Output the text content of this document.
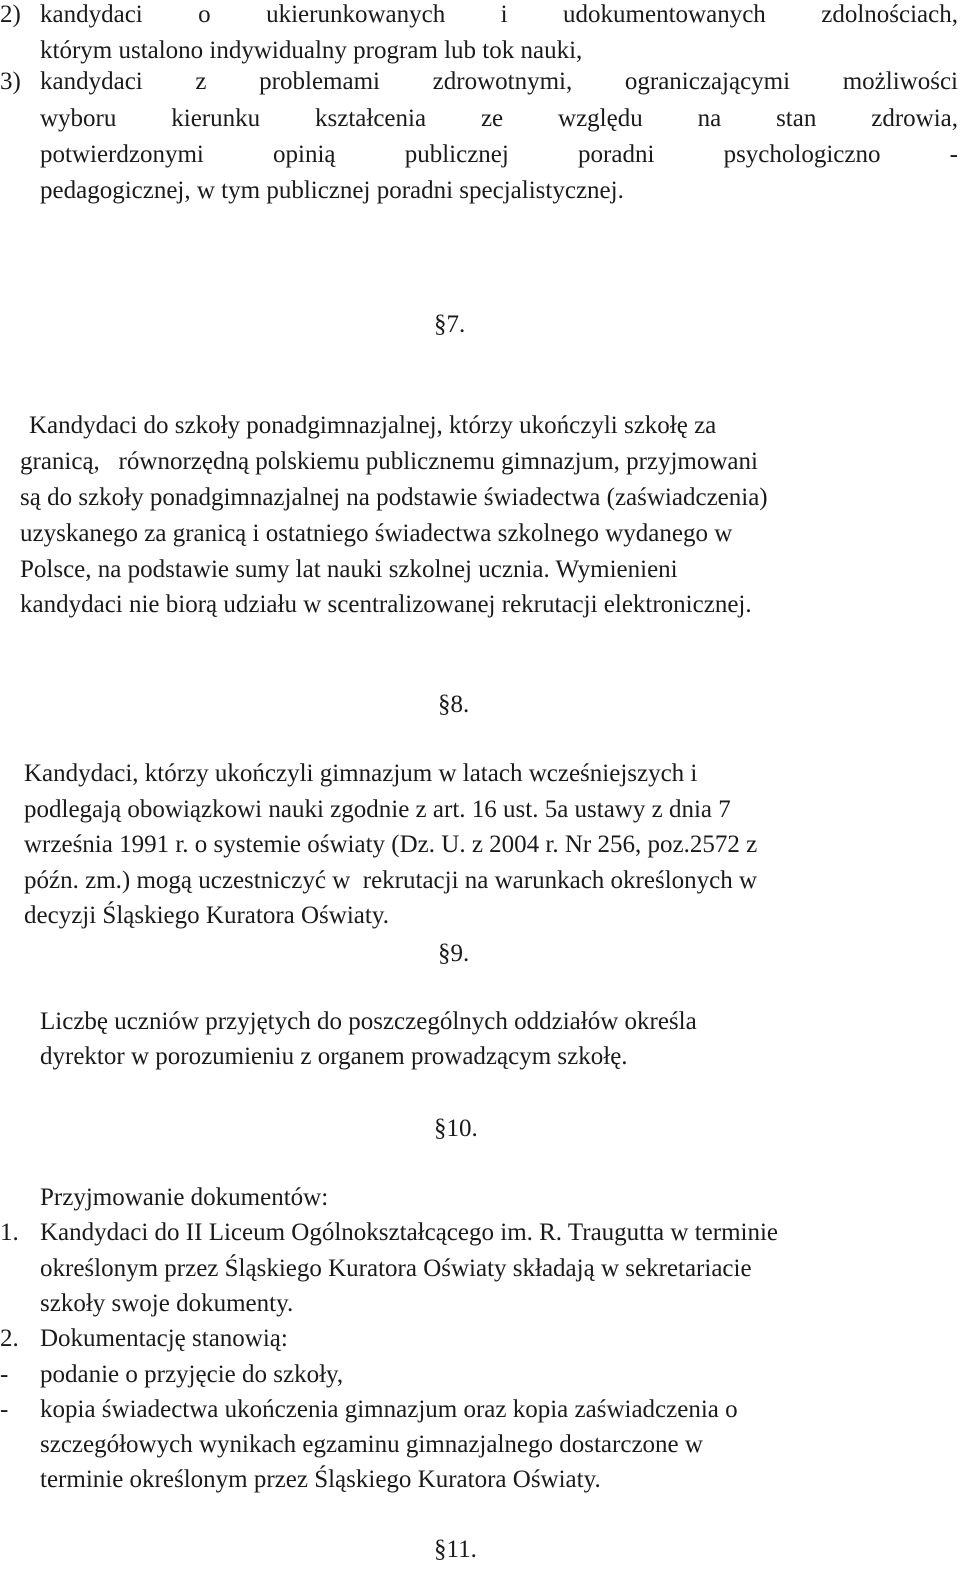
2) kandydaci o ukierunkowanych i udokumentowanych zdolnościach,
którym ustalono indywidualny program lub tok nauki,
3) kandydaci z problemami zdrowotnymi, ograniczającymi możliwości
wyboru kierunku kształcenia ze względu na stan zdrowia,
potwierdzonymi opinią publicznej poradni psychologiczno -
pedagogicznej, w tym publicznej poradni specjalistycznej.
§7.
Kandydaci do szkoły ponadgimnazjalnej, którzy ukończyli szkołę za
granicą,   równorzędną polskiemu publicznemu gimnazjum, przyjmowani
są do szkoły ponadgimnazjalnej na podstawie świadectwa (zaświadczenia)
uzyskanego za granicą i ostatniego świadectwa szkolnego wydanego w
Polsce, na podstawie sumy lat nauki szkolnej ucznia. Wymienieni
kandydaci nie biorą udziału w scentralizowanej rekrutacji elektronicznej.
§8.
Kandydaci, którzy ukończyli gimnazjum w latach wcześniejszych i
podlegają obowiązkowi nauki zgodnie z art. 16 ust. 5a ustawy z dnia 7
września 1991 r. o systemie oświaty (Dz. U. z 2004 r. Nr 256, poz.2572 z
późn. zm.) mogą uczestniczyć w  rekrutacji na warunkach określonych w
decyzji Śląskiego Kuratora Oświaty.
§9.
Liczbę uczniów przyjętych do poszczególnych oddziałów określa
dyrektor w porozumieniu z organem prowadzącym szkołę.
§10.
Przyjmowanie dokumentów:
1. Kandydaci do II Liceum Ogólnokształcącego im. R. Traugutta w terminie
określonym przez Śląskiego Kuratora Oświaty składają w sekretariacie
szkoły swoje dokumenty.
2. Dokumentację stanowią:
- podanie o przyjęcie do szkoły,
- kopia świadectwa ukończenia gimnazjum oraz kopia zaświadczenia o
szczegółowych wynikach egzaminu gimnazjalnego dostarczone w
terminie określonym przez Śląskiego Kuratora Oświaty.
§11.
